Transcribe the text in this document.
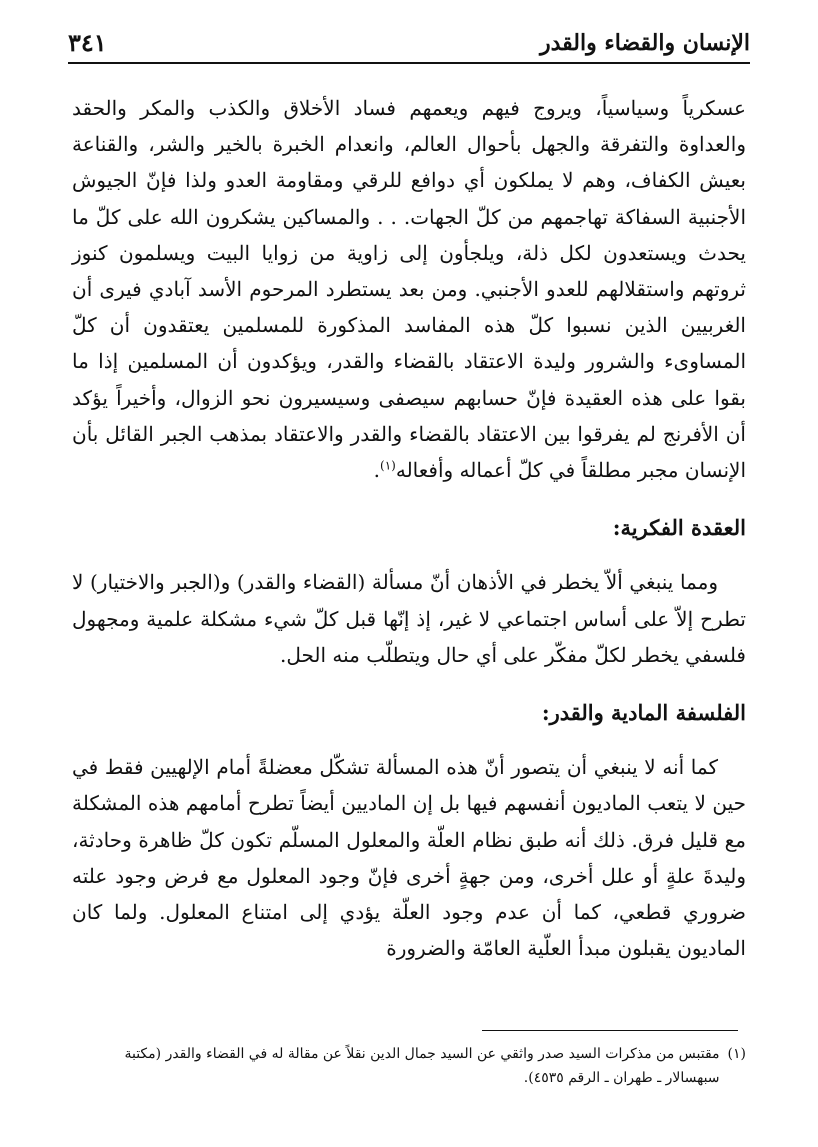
الإنسان والقضاء والقدر
٣٤١

عسكرياً وسياسياً، ويروج فيهم ويعمهم فساد الأخلاق والكذب والمكر والحقد والعداوة والتفرقة والجهل بأحوال العالم، وانعدام الخبرة بالخير والشر، والقناعة بعيش الكفاف، وهم لا يملكون أي دوافع للرقي ومقاومة العدو ولذا فإنّ الجيوش الأجنبية السفاكة تهاجمهم من كلّ الجهات. . . والمساكين يشكرون الله على كلّ ما يحدث ويستعدون لكل ذلة، ويلجأون إلى زاوية من زوايا البيت ويسلمون كنوز ثروتهم واستقلالهم للعدو الأجنبي. ومن بعد يستطرد المرحوم الأسد آبادي فيرى أن الغربيين الذين نسبوا كلّ هذه المفاسد المذكورة للمسلمين يعتقدون أن كلّ المساوىء والشرور وليدة الاعتقاد بالقضاء والقدر، ويؤكدون أن المسلمين إذا ما بقوا على هذه العقيدة فإنّ حسابهم سيصفى وسيسيرون نحو الزوال، وأخيراً يؤكد أن الأفرنج لم يفرقوا بين الاعتقاد بالقضاء والقدر والاعتقاد بمذهب الجبر القائل بأن الإنسان مجبر مطلقاً في كلّ أعماله وأفعاله$^{(١)}$.

العقدة الفكرية:

ومما ينبغي ألاّ يخطر في الأذهان أنّ مسألة (القضاء والقدر) و(الجبر والاختيار) لا تطرح إلاّ على أساس اجتماعي لا غير، إذ إنّها قبل كلّ شيء مشكلة علمية ومجهول فلسفي يخطر لكلّ مفكّر على أي حال ويتطلّب منه الحل.

الفلسفة المادية والقدر:

كما أنه لا ينبغي أن يتصور أنّ هذه المسألة تشكّل معضلةً أمام الإلهيين فقط في حين لا يتعب الماديون أنفسهم فيها بل إن الماديين أيضاً تطرح أمامهم هذه المشكلة مع قليل فرق. ذلك أنه طبق نظام العلّة والمعلول المسلّم تكون كلّ ظاهرة وحادثة، وليدةَ علةٍ أو علل أخرى، ومن جهةٍ أخرى فإنّ وجود المعلول مع فرض وجود علته ضروري قطعي، كما أن عدم وجود العلّة يؤدي إلى امتناع المعلول. ولما كان الماديون يقبلون مبدأ العلّية العامّة والضرورة

(١)
مقتبس من مذكرات السيد صدر واثقي عن السيد جمال الدين نقلاً عن مقالة له في القضاء والقدر (مكتبة سبهسالار ـ طهران ـ الرقم ٤٥٣٥).
